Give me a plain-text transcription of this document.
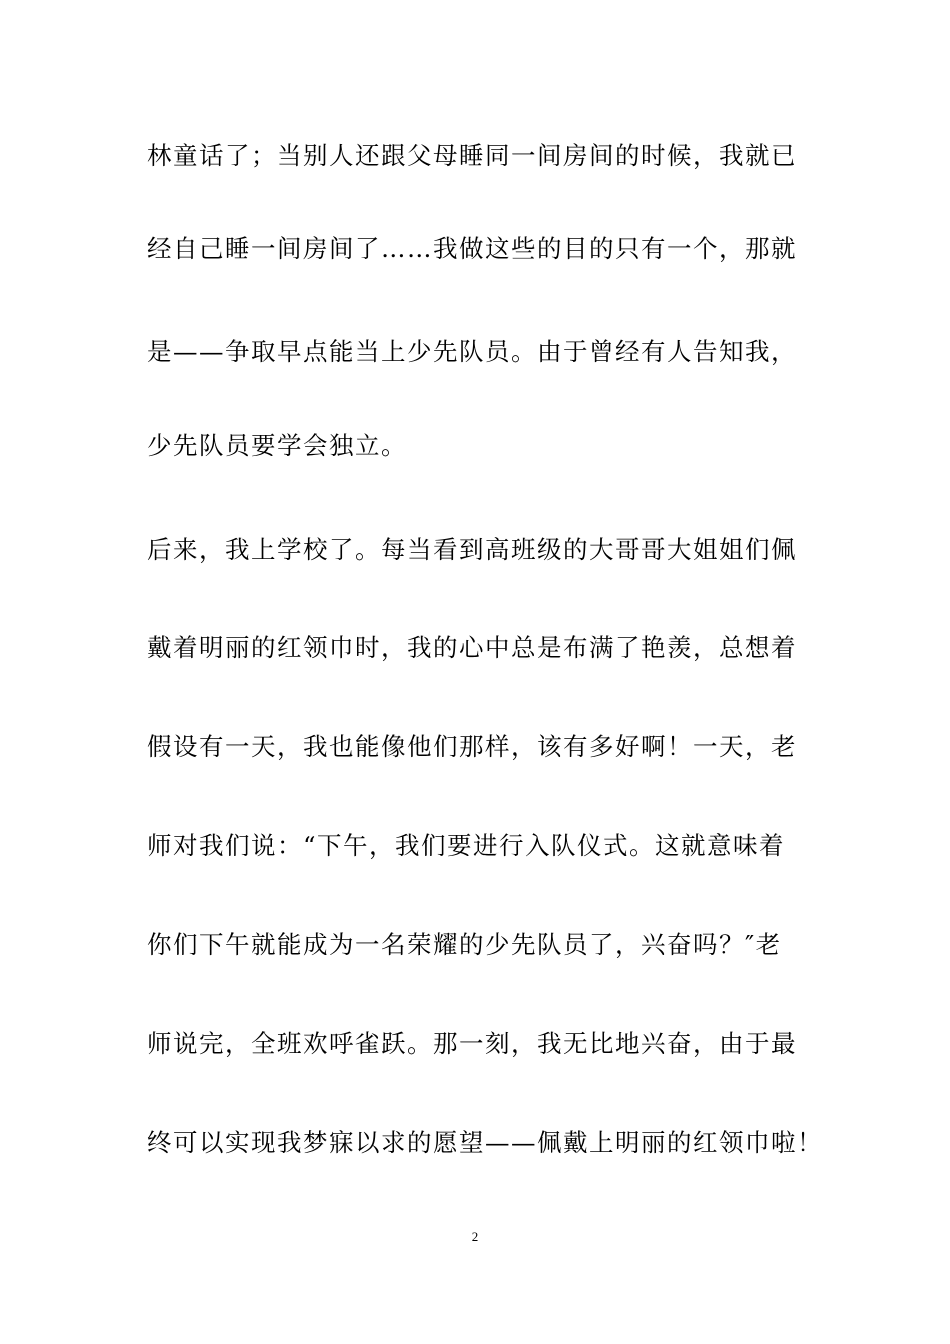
林童话了；当别人还跟父母睡同一间房间的时候，我就已
经自己睡一间房间了……我做这些的目的只有一个，那就
是——争取早点能当上少先队员。由于曾经有人告知我，
少先队员要学会独立。
后来，我上学校了。每当看到高班级的大哥哥大姐姐们佩
戴着明丽的红领巾时，我的心中总是布满了艳羡，总想着
假设有一天，我也能像他们那样，该有多好啊！一天，老
师对我们说：“下午，我们要进行入队仪式。这就意味着
你们下午就能成为一名荣耀的少先队员了，兴奋吗？″老
师说完，全班欢呼雀跃。那一刻，我无比地兴奋，由于最
终可以实现我梦寐以求的愿望——佩戴上明丽的红领巾啦！
2
